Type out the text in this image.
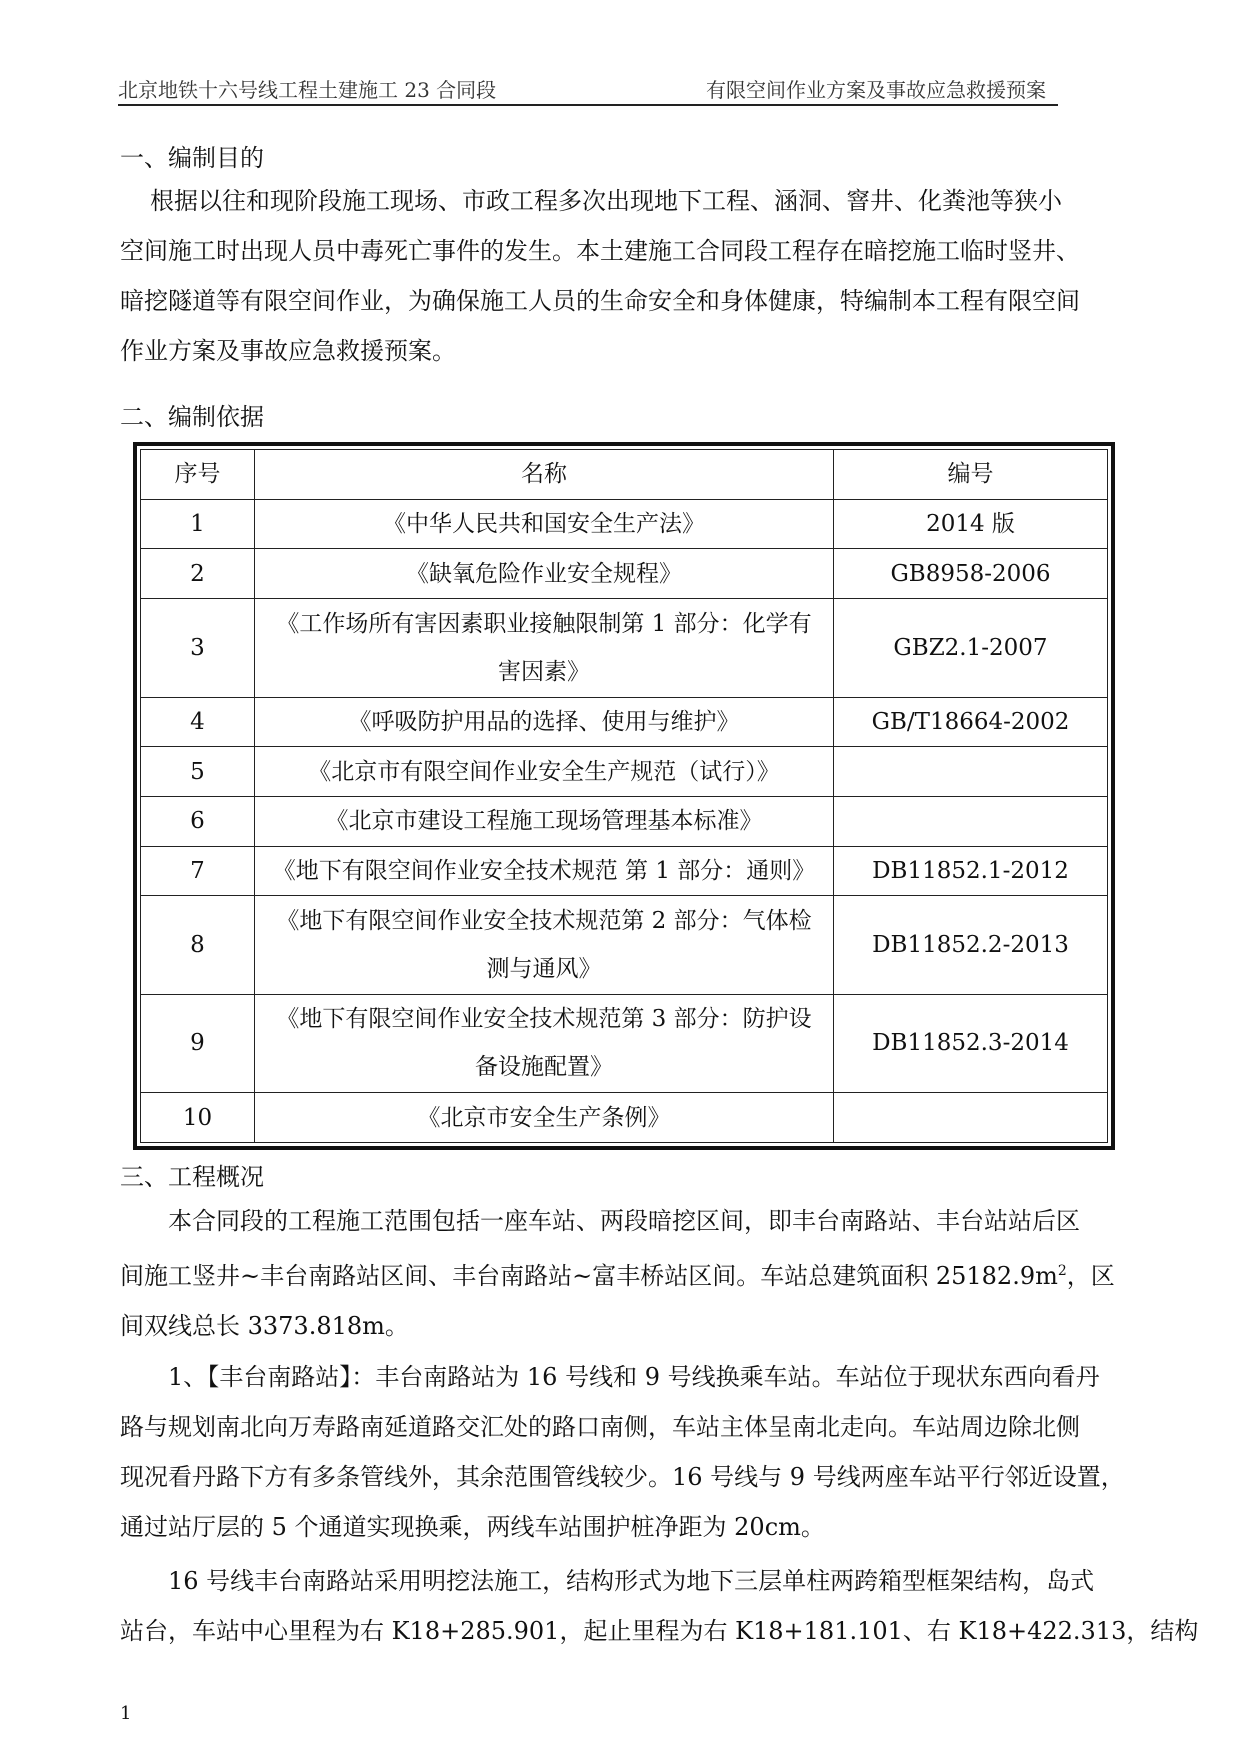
北京地铁十六号线工程土建施工 23 合同段	有限空间作业方案及事故应急救援预案
一、编制目的
根据以往和现阶段施工现场、市政工程多次出现地下工程、涵洞、窨井、化粪池等狭小
空间施工时出现人员中毒死亡事件的发生。本土建施工合同段工程存在暗挖施工临时竖井、
暗挖隧道等有限空间作业，为确保施工人员的生命安全和身体健康，特编制本工程有限空间
作业方案及事故应急救援预案。
二、编制依据
序号	名称	编号
1	《中华人民共和国安全生产法》	2014 版
2	《缺氧危险作业安全规程》	GB8958-2006
3	《工作场所有害因素职业接触限制第 1 部分：化学有害因素》	GBZ2.1-2007
4	《呼吸防护用品的选择、使用与维护》	GB/T18664-2002
5	《北京市有限空间作业安全生产规范（试行）》	
6	《北京市建设工程施工现场管理基本标准》	
7	《地下有限空间作业安全技术规范 第 1 部分：通则》	DB11852.1-2012
8	《地下有限空间作业安全技术规范第 2 部分：气体检测与通风》	DB11852.2-2013
9	《地下有限空间作业安全技术规范第 3 部分：防护设备设施配置》	DB11852.3-2014
10	《北京市安全生产条例》	
三、工程概况
本合同段的工程施工范围包括一座车站、两段暗挖区间，即丰台南路站、丰台站站后区
间施工竖井~丰台南路站区间、丰台南路站~富丰桥站区间。车站总建筑面积 $25182.9m^2$，区
间双线总长 3373.818m。
1、【丰台南路站】：丰台南路站为 16 号线和 9 号线换乘车站。车站位于现状东西向看丹
路与规划南北向万寿路南延道路交汇处的路口南侧，车站主体呈南北走向。车站周边除北侧
现况看丹路下方有多条管线外，其余范围管线较少。16 号线与 9 号线两座车站平行邻近设置，
通过站厅层的 5 个通道实现换乘，两线车站围护桩净距为 20cm。
16 号线丰台南路站采用明挖法施工，结构形式为地下三层单柱两跨箱型框架结构，岛式
站台，车站中心里程为右 K18+285.901，起止里程为右 K18+181.101、右 K18+422.313，结构
1
